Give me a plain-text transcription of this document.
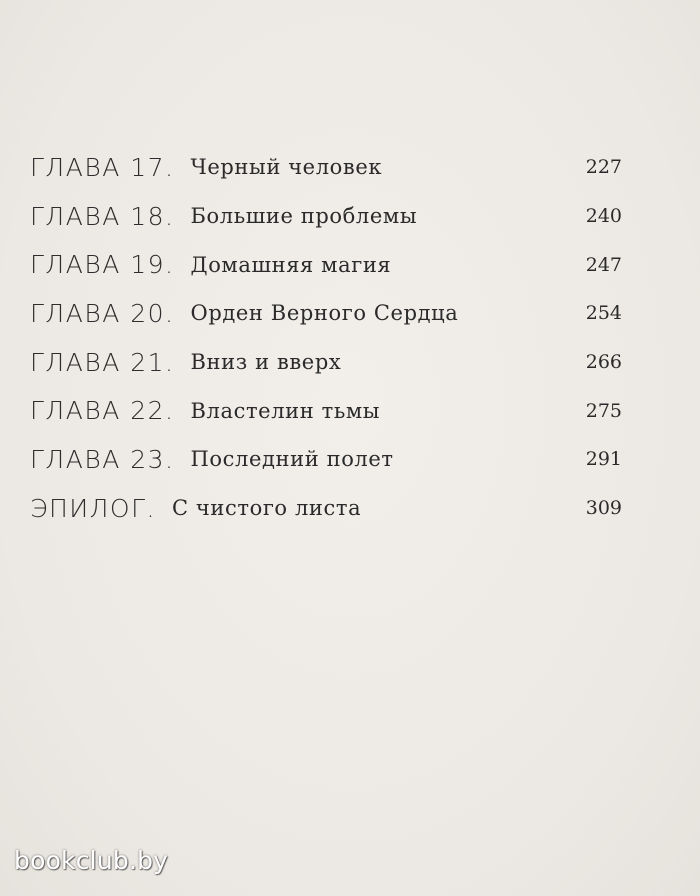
ГЛАВА 17. Черный человек	227
ГЛАВА 18. Большие проблемы	240
ГЛАВА 19. Домашняя магия	247
ГЛАВА 20. Орден Верного Сердца	254
ГЛАВА 21. Вниз и вверх	266
ГЛАВА 22. Властелин тьмы	275
ГЛАВА 23. Последний полет	291
ЭПИЛОГ. С чистого листа	309
bookclub.by
